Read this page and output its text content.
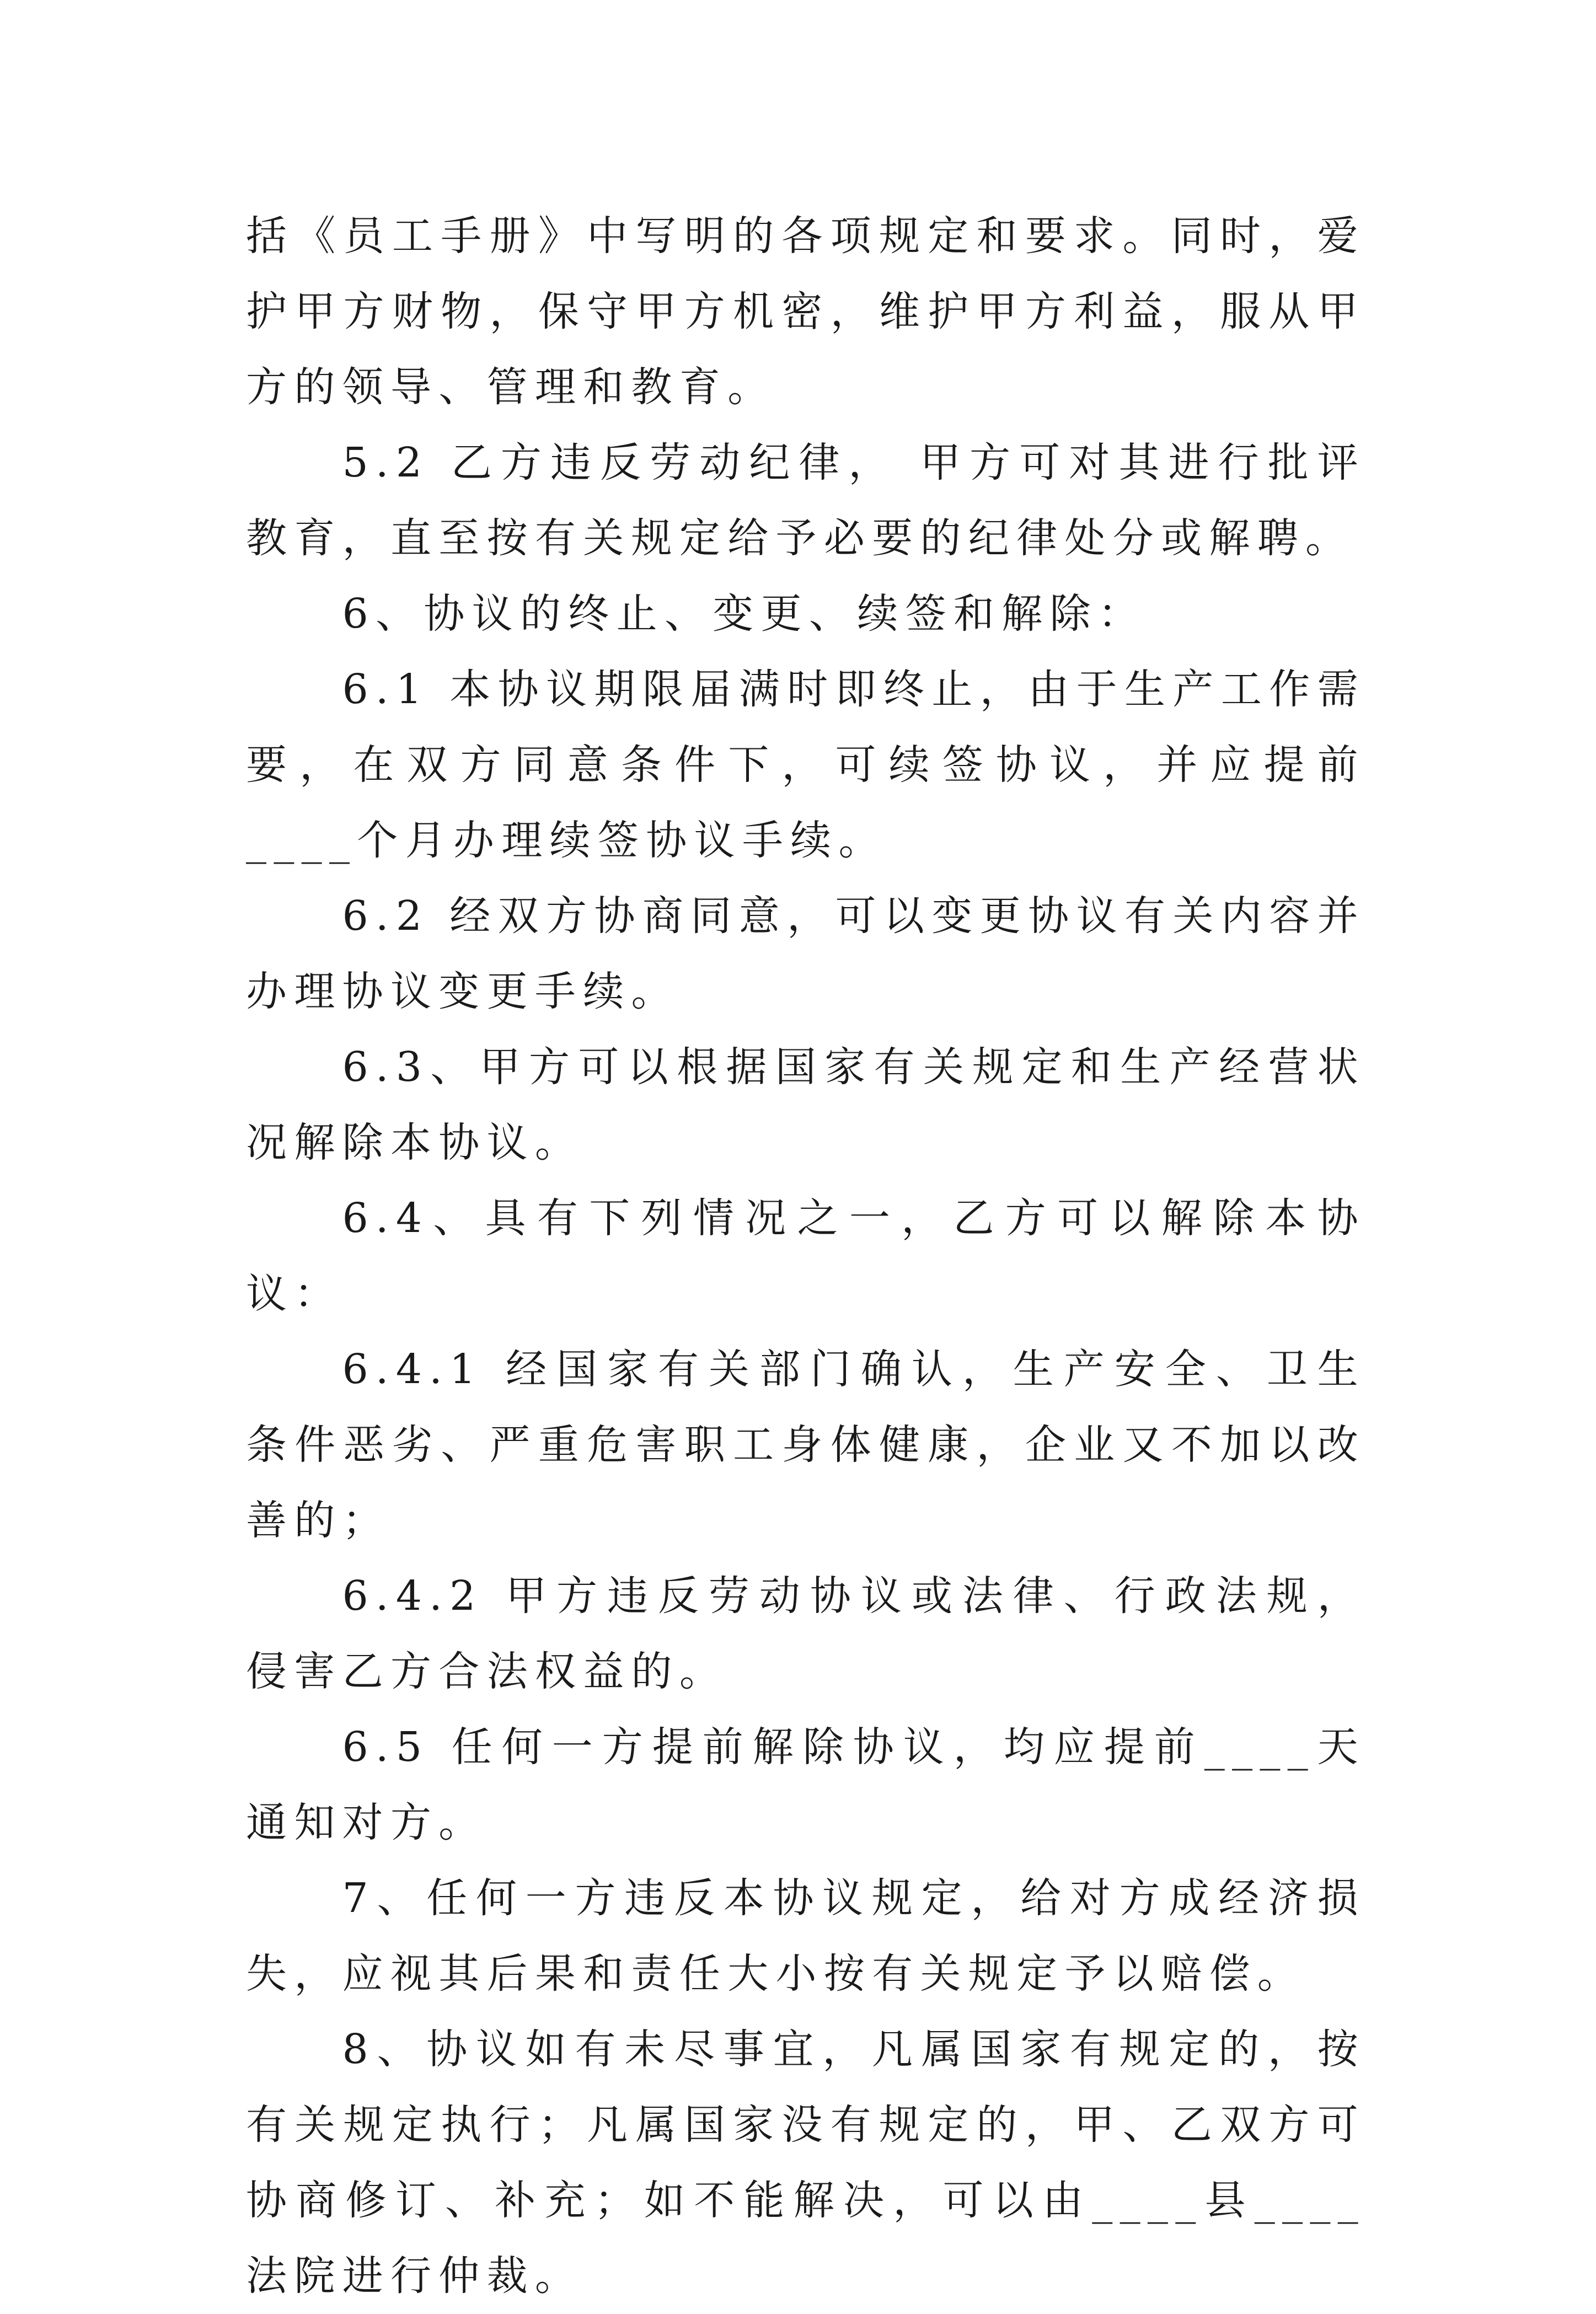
括《员工手册》中写明的各项规定和要求。同时，爱护甲方财物，保守甲方机密，维护甲方利益，服从甲方的领导、管理和教育。

5.2 乙方违反劳动纪律， 甲方可对其进行批评教育，直至按有关规定给予必要的纪律处分或解聘。

6、协议的终止、变更、续签和解除：

6.1 本协议期限届满时即终止，由于生产工作需要，在双方同意条件下，可续签协议，并应提前____个月办理续签协议手续。

6.2 经双方协商同意，可以变更协议有关内容并办理协议变更手续。

6.3、甲方可以根据国家有关规定和生产经营状况解除本协议。

6.4、具有下列情况之一，乙方可以解除本协议：

6.4.1 经国家有关部门确认，生产安全、卫生条件恶劣、严重危害职工身体健康，企业又不加以改善的；

6.4.2 甲方违反劳动协议或法律、行政法规，侵害乙方合法权益的。

6.5 任何一方提前解除协议，均应提前____天通知对方。

7、任何一方违反本协议规定，给对方成经济损失，应视其后果和责任大小按有关规定予以赔偿。

8、协议如有未尽事宜，凡属国家有规定的，按有关规定执行；凡属国家没有规定的，甲、乙双方可协商修订、补充；如不能解决，可以由____县____法院进行仲裁。
